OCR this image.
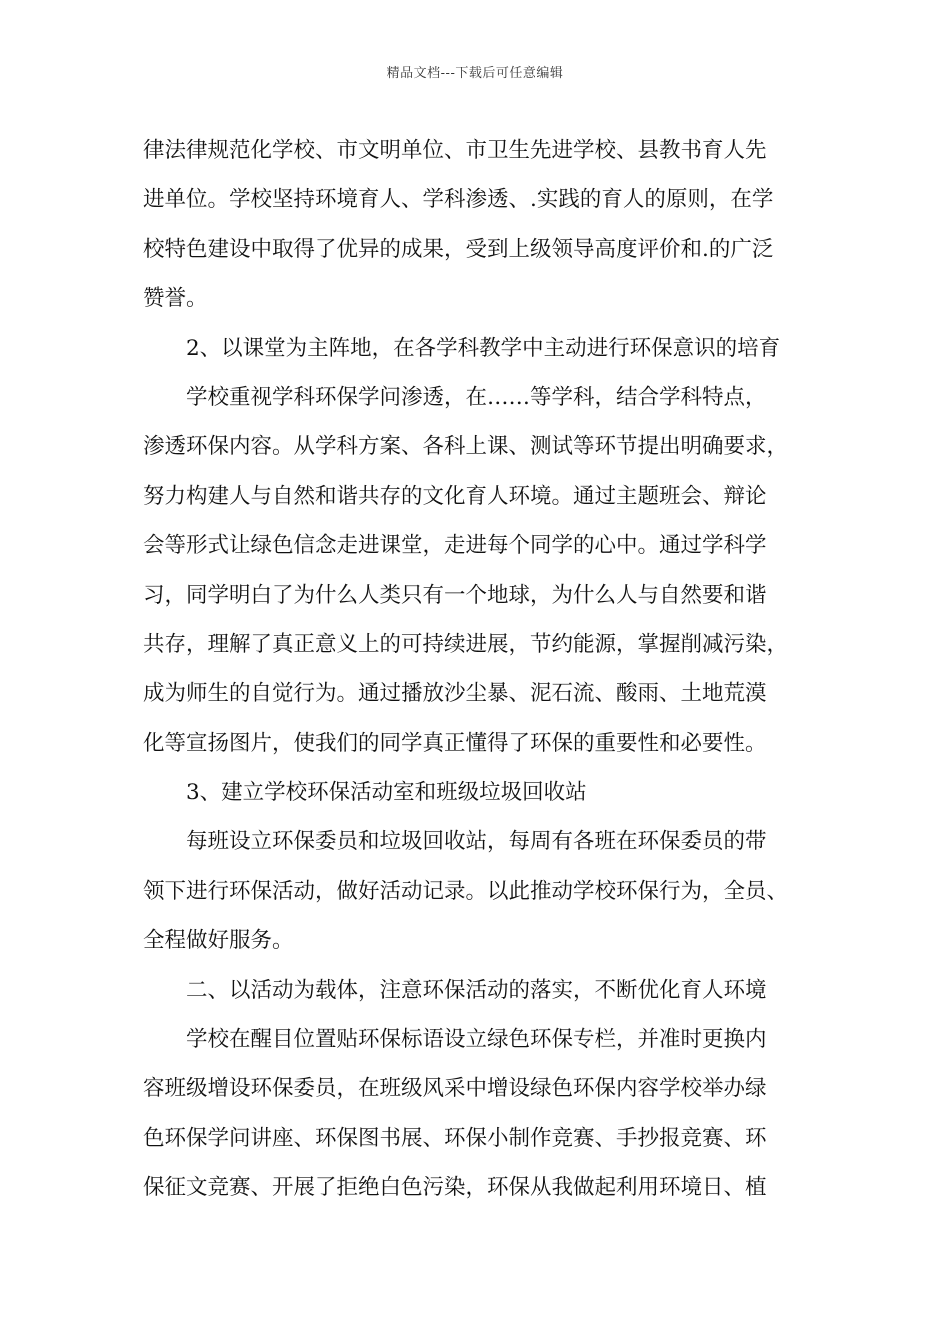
精品文档---下载后可任意编辑
律法律规范化学校、市文明单位、市卫生先进学校、县教书育人先
进单位。学校坚持环境育人、学科渗透、.实践的育人的原则，在学
校特色建设中取得了优异的成果，受到上级领导高度评价和.的广泛
赞誉。
2、以课堂为主阵地，在各学科教学中主动进行环保意识的培育
学校重视学科环保学问渗透，在……等学科，结合学科特点，
渗透环保内容。从学科方案、各科上课、测试等环节提出明确要求，
努力构建人与自然和谐共存的文化育人环境。通过主题班会、辩论
会等形式让绿色信念走进课堂，走进每个同学的心中。通过学科学
习，同学明白了为什么人类只有一个地球，为什么人与自然要和谐
共存，理解了真正意义上的可持续进展，节约能源，掌握削减污染，
成为师生的自觉行为。通过播放沙尘暴、泥石流、酸雨、土地荒漠
化等宣扬图片，使我们的同学真正懂得了环保的重要性和必要性。
3、建立学校环保活动室和班级垃圾回收站
每班设立环保委员和垃圾回收站，每周有各班在环保委员的带
领下进行环保活动，做好活动记录。以此推动学校环保行为，全员、
全程做好服务。
二、以活动为载体，注意环保活动的落实，不断优化育人环境
学校在醒目位置贴环保标语设立绿色环保专栏，并准时更换内
容班级增设环保委员，在班级风采中增设绿色环保内容学校举办绿
色环保学问讲座、环保图书展、环保小制作竞赛、手抄报竞赛、环
保征文竞赛、开展了拒绝白色污染，环保从我做起利用环境日、植
